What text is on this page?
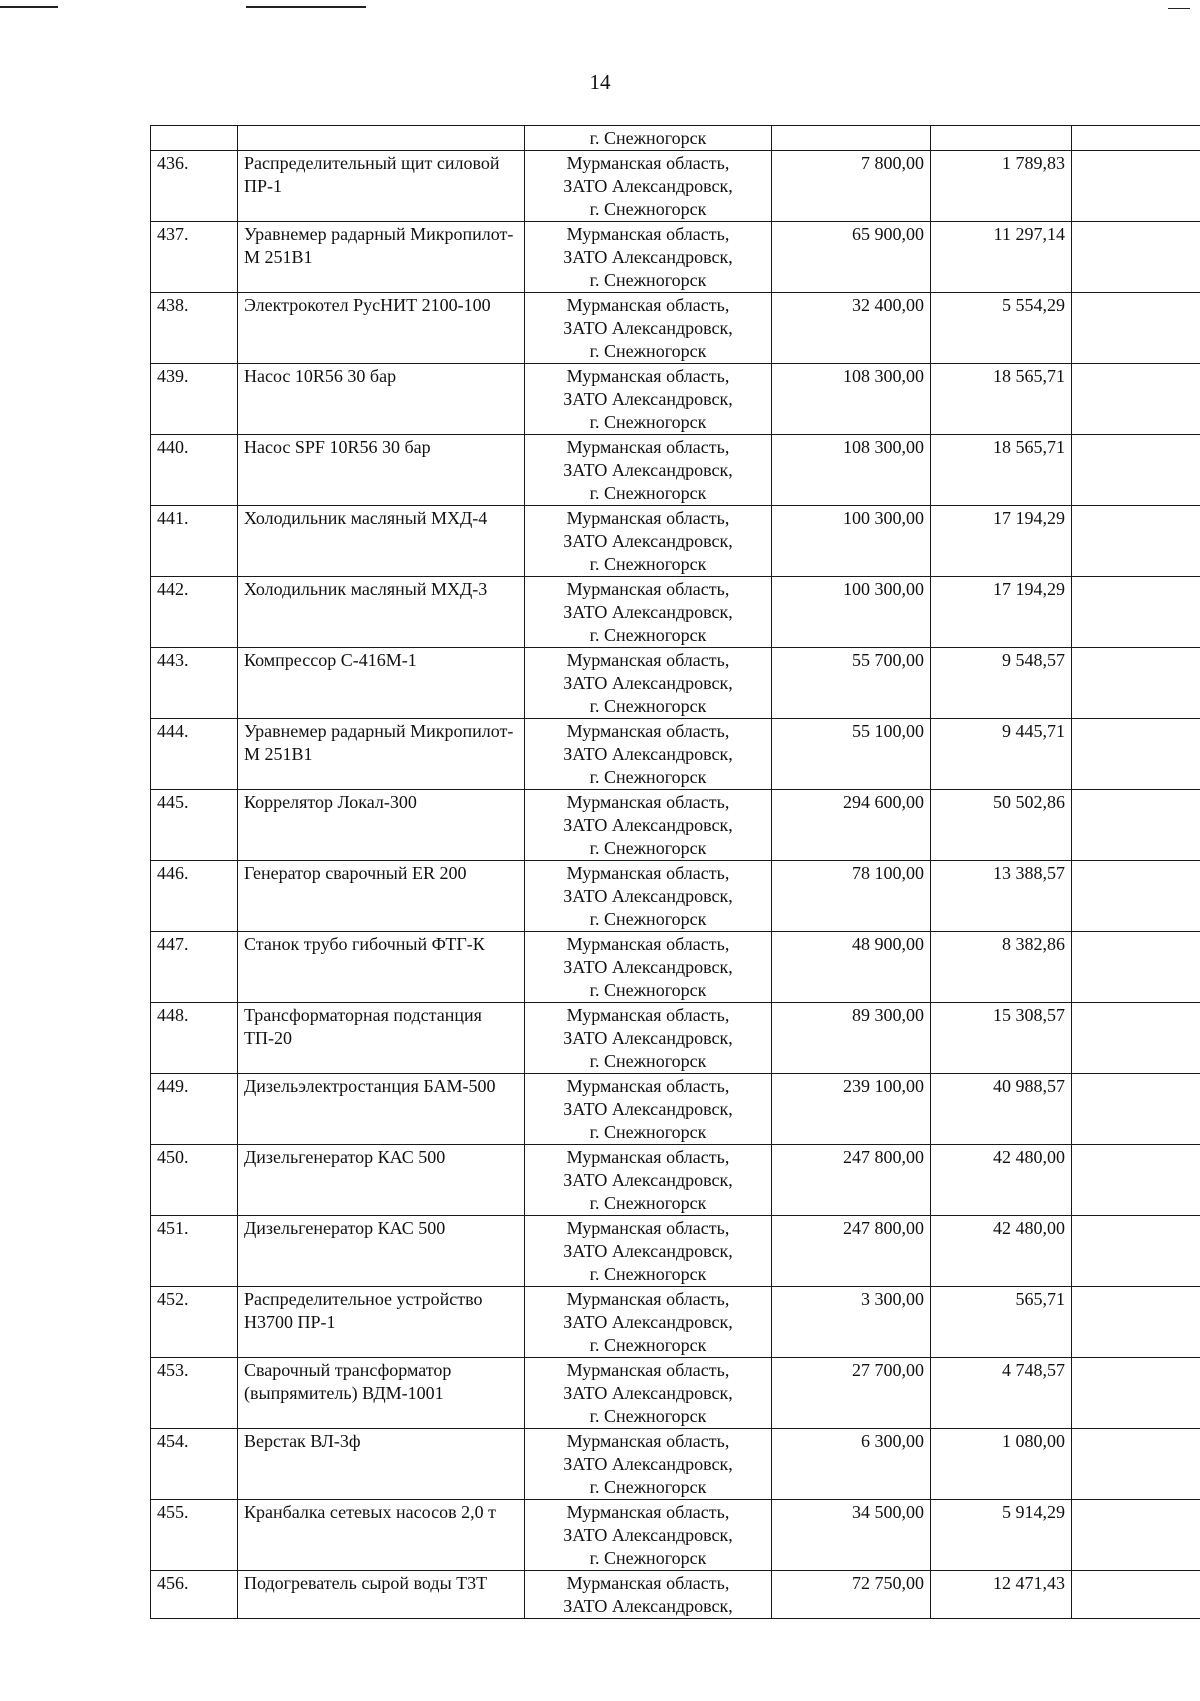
14

		г. Снежногорск			

436.	Распределительный щит силовой ПР-1	Мурманская область,
ЗАТО Александровск,
г. Снежногорск	7 800,00	1 789,83	
437.	Уравнемер радарный Микропилот-М 251В1	Мурманская область,
ЗАТО Александровск,
г. Снежногорск	65 900,00	11 297,14	
438.	Электрокотел РусНИТ 2100-100	Мурманская область,
ЗАТО Александровск,
г. Снежногорск	32 400,00	5 554,29	
439.	Насос 10R56 30 бар	Мурманская область,
ЗАТО Александровск,
г. Снежногорск	108 300,00	18 565,71	
440.	Насос SPF 10R56 30 бар	Мурманская область,
ЗАТО Александровск,
г. Снежногорск	108 300,00	18 565,71	
441.	Холодильник масляный МХД-4	Мурманская область,
ЗАТО Александровск,
г. Снежногорск	100 300,00	17 194,29	
442.	Холодильник масляный МХД-3	Мурманская область,
ЗАТО Александровск,
г. Снежногорск	100 300,00	17 194,29	
443.	Компрессор С-416М-1	Мурманская область,
ЗАТО Александровск,
г. Снежногорск	55 700,00	9 548,57	
444.	Уравнемер радарный Микропилот-М 251В1	Мурманская область,
ЗАТО Александровск,
г. Снежногорск	55 100,00	9 445,71	
445.	Коррелятор Локал-300	Мурманская область,
ЗАТО Александровск,
г. Снежногорск	294 600,00	50 502,86	
446.	Генератор сварочный ER 200	Мурманская область,
ЗАТО Александровск,
г. Снежногорск	78 100,00	13 388,57	
447.	Станок трубо гибочный ФТГ-К	Мурманская область,
ЗАТО Александровск,
г. Снежногорск	48 900,00	8 382,86	
448.	Трансформаторная подстанция ТП-20	Мурманская область,
ЗАТО Александровск,
г. Снежногорск	89 300,00	15 308,57	
449.	Дизельэлектростанция БАМ-500	Мурманская область,
ЗАТО Александровск,
г. Снежногорск	239 100,00	40 988,57	
450.	Дизельгенератор КАС 500	Мурманская область,
ЗАТО Александровск,
г. Снежногорск	247 800,00	42 480,00	
451.	Дизельгенератор КАС 500	Мурманская область,
ЗАТО Александровск,
г. Снежногорск	247 800,00	42 480,00	
452.	Распределительное устройство Н3700 ПР-1	Мурманская область,
ЗАТО Александровск,
г. Снежногорск	3 300,00	565,71	
453.	Сварочный трансформатор (выпрямитель) ВДМ-1001	Мурманская область,
ЗАТО Александровск,
г. Снежногорск	27 700,00	4 748,57	
454.	Верстак ВЛ-3ф	Мурманская область,
ЗАТО Александровск,
г. Снежногорск	6 300,00	1 080,00	
455.	Кранбалка сетевых насосов 2,0 т	Мурманская область,
ЗАТО Александровск,
г. Снежногорск	34 500,00	5 914,29	
456.	Подогреватель сырой воды Т3Т	Мурманская область,
ЗАТО Александровск,	72 750,00	12 471,43	
